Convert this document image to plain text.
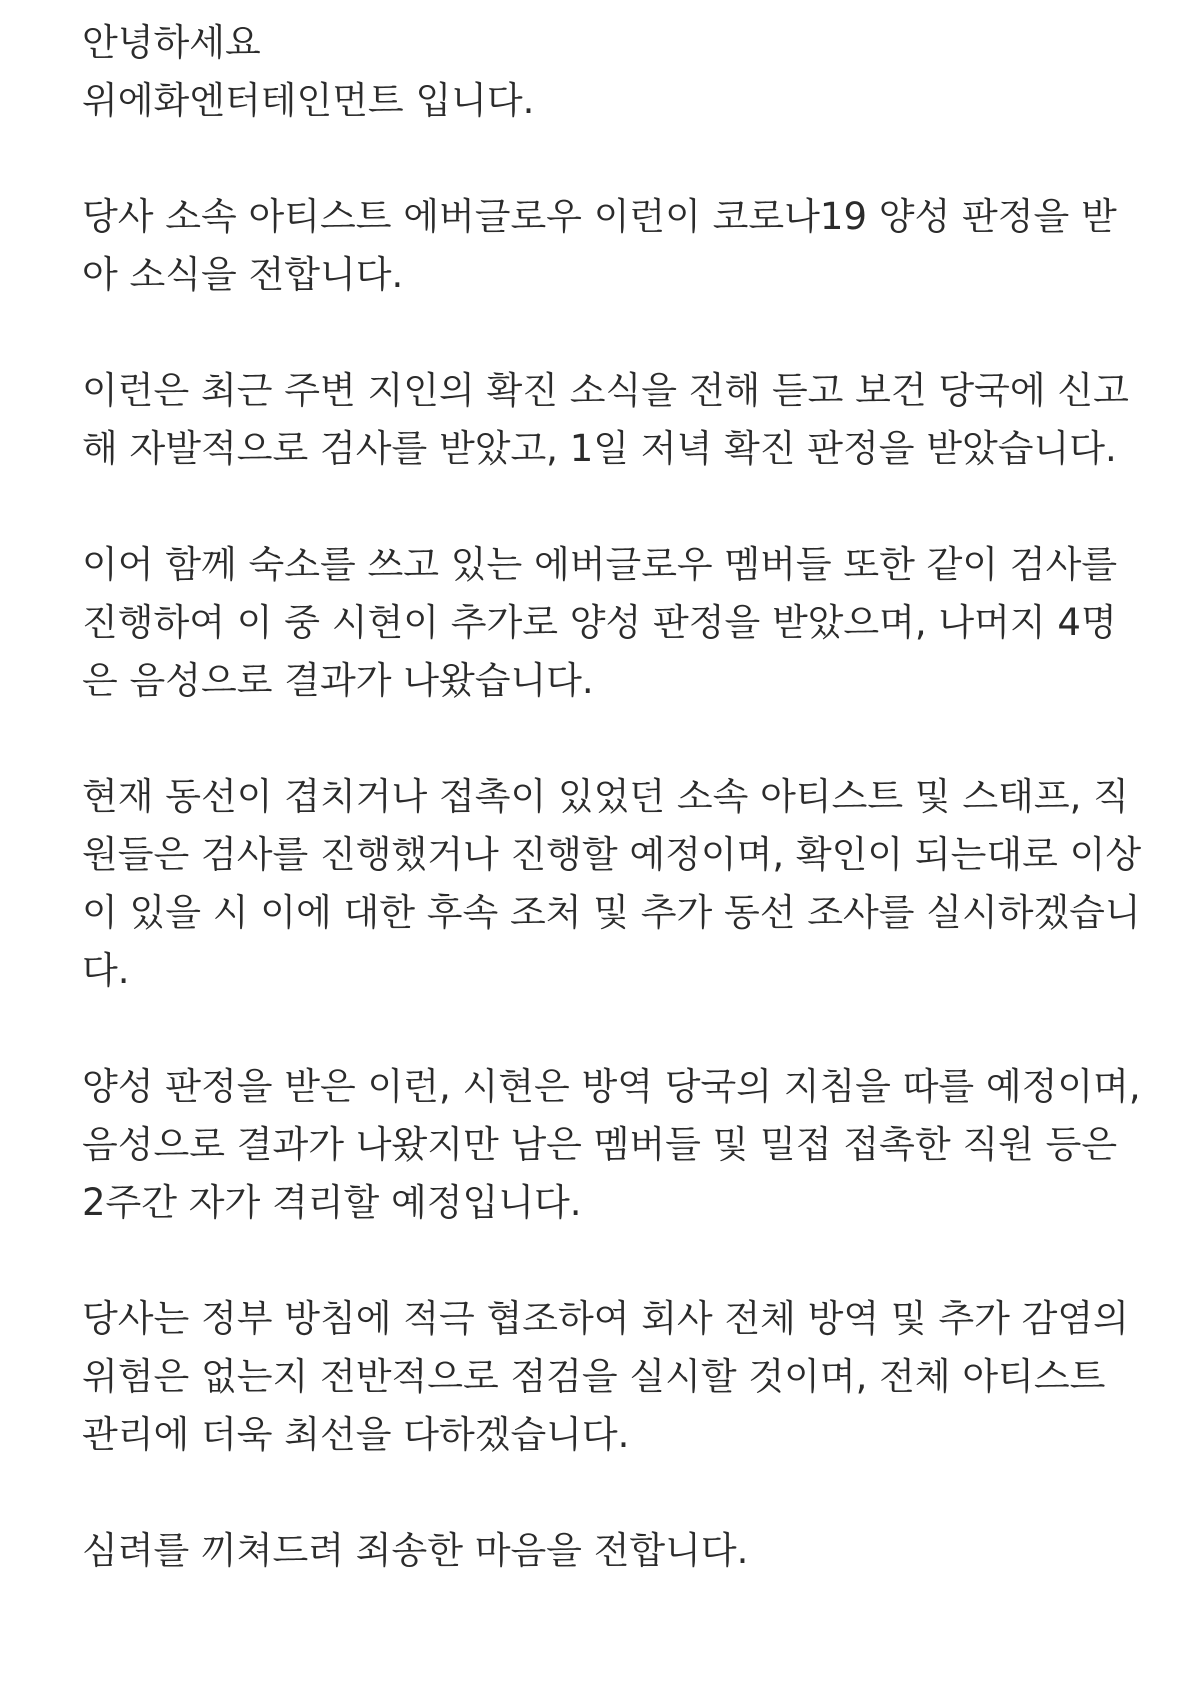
안녕하세요
위에화엔터테인먼트 입니다.
당사 소속 아티스트 에버글로우 이런이 코로나19 양성 판정을 받
아 소식을 전합니다.
이런은 최근 주변 지인의 확진 소식을 전해 듣고 보건 당국에 신고
해 자발적으로 검사를 받았고, 1일 저녁 확진 판정을 받았습니다.
이어 함께 숙소를 쓰고 있는 에버글로우 멤버들 또한 같이 검사를
진행하여 이 중 시현이 추가로 양성 판정을 받았으며, 나머지 4명
은 음성으로 결과가 나왔습니다.
현재 동선이 겹치거나 접촉이 있었던 소속 아티스트 및 스태프, 직
원들은 검사를 진행했거나 진행할 예정이며, 확인이 되는대로 이상
이 있을 시 이에 대한 후속 조처 및 추가 동선 조사를 실시하겠습니
다.
양성 판정을 받은 이런, 시현은 방역 당국의 지침을 따를 예정이며,
음성으로 결과가 나왔지만 남은 멤버들 및 밀접 접촉한 직원 등은
2주간 자가 격리할 예정입니다.
당사는 정부 방침에 적극 협조하여 회사 전체 방역 및 추가 감염의
위험은 없는지 전반적으로 점검을 실시할 것이며, 전체 아티스트
관리에 더욱 최선을 다하겠습니다.
심려를 끼쳐드려 죄송한 마음을 전합니다.
